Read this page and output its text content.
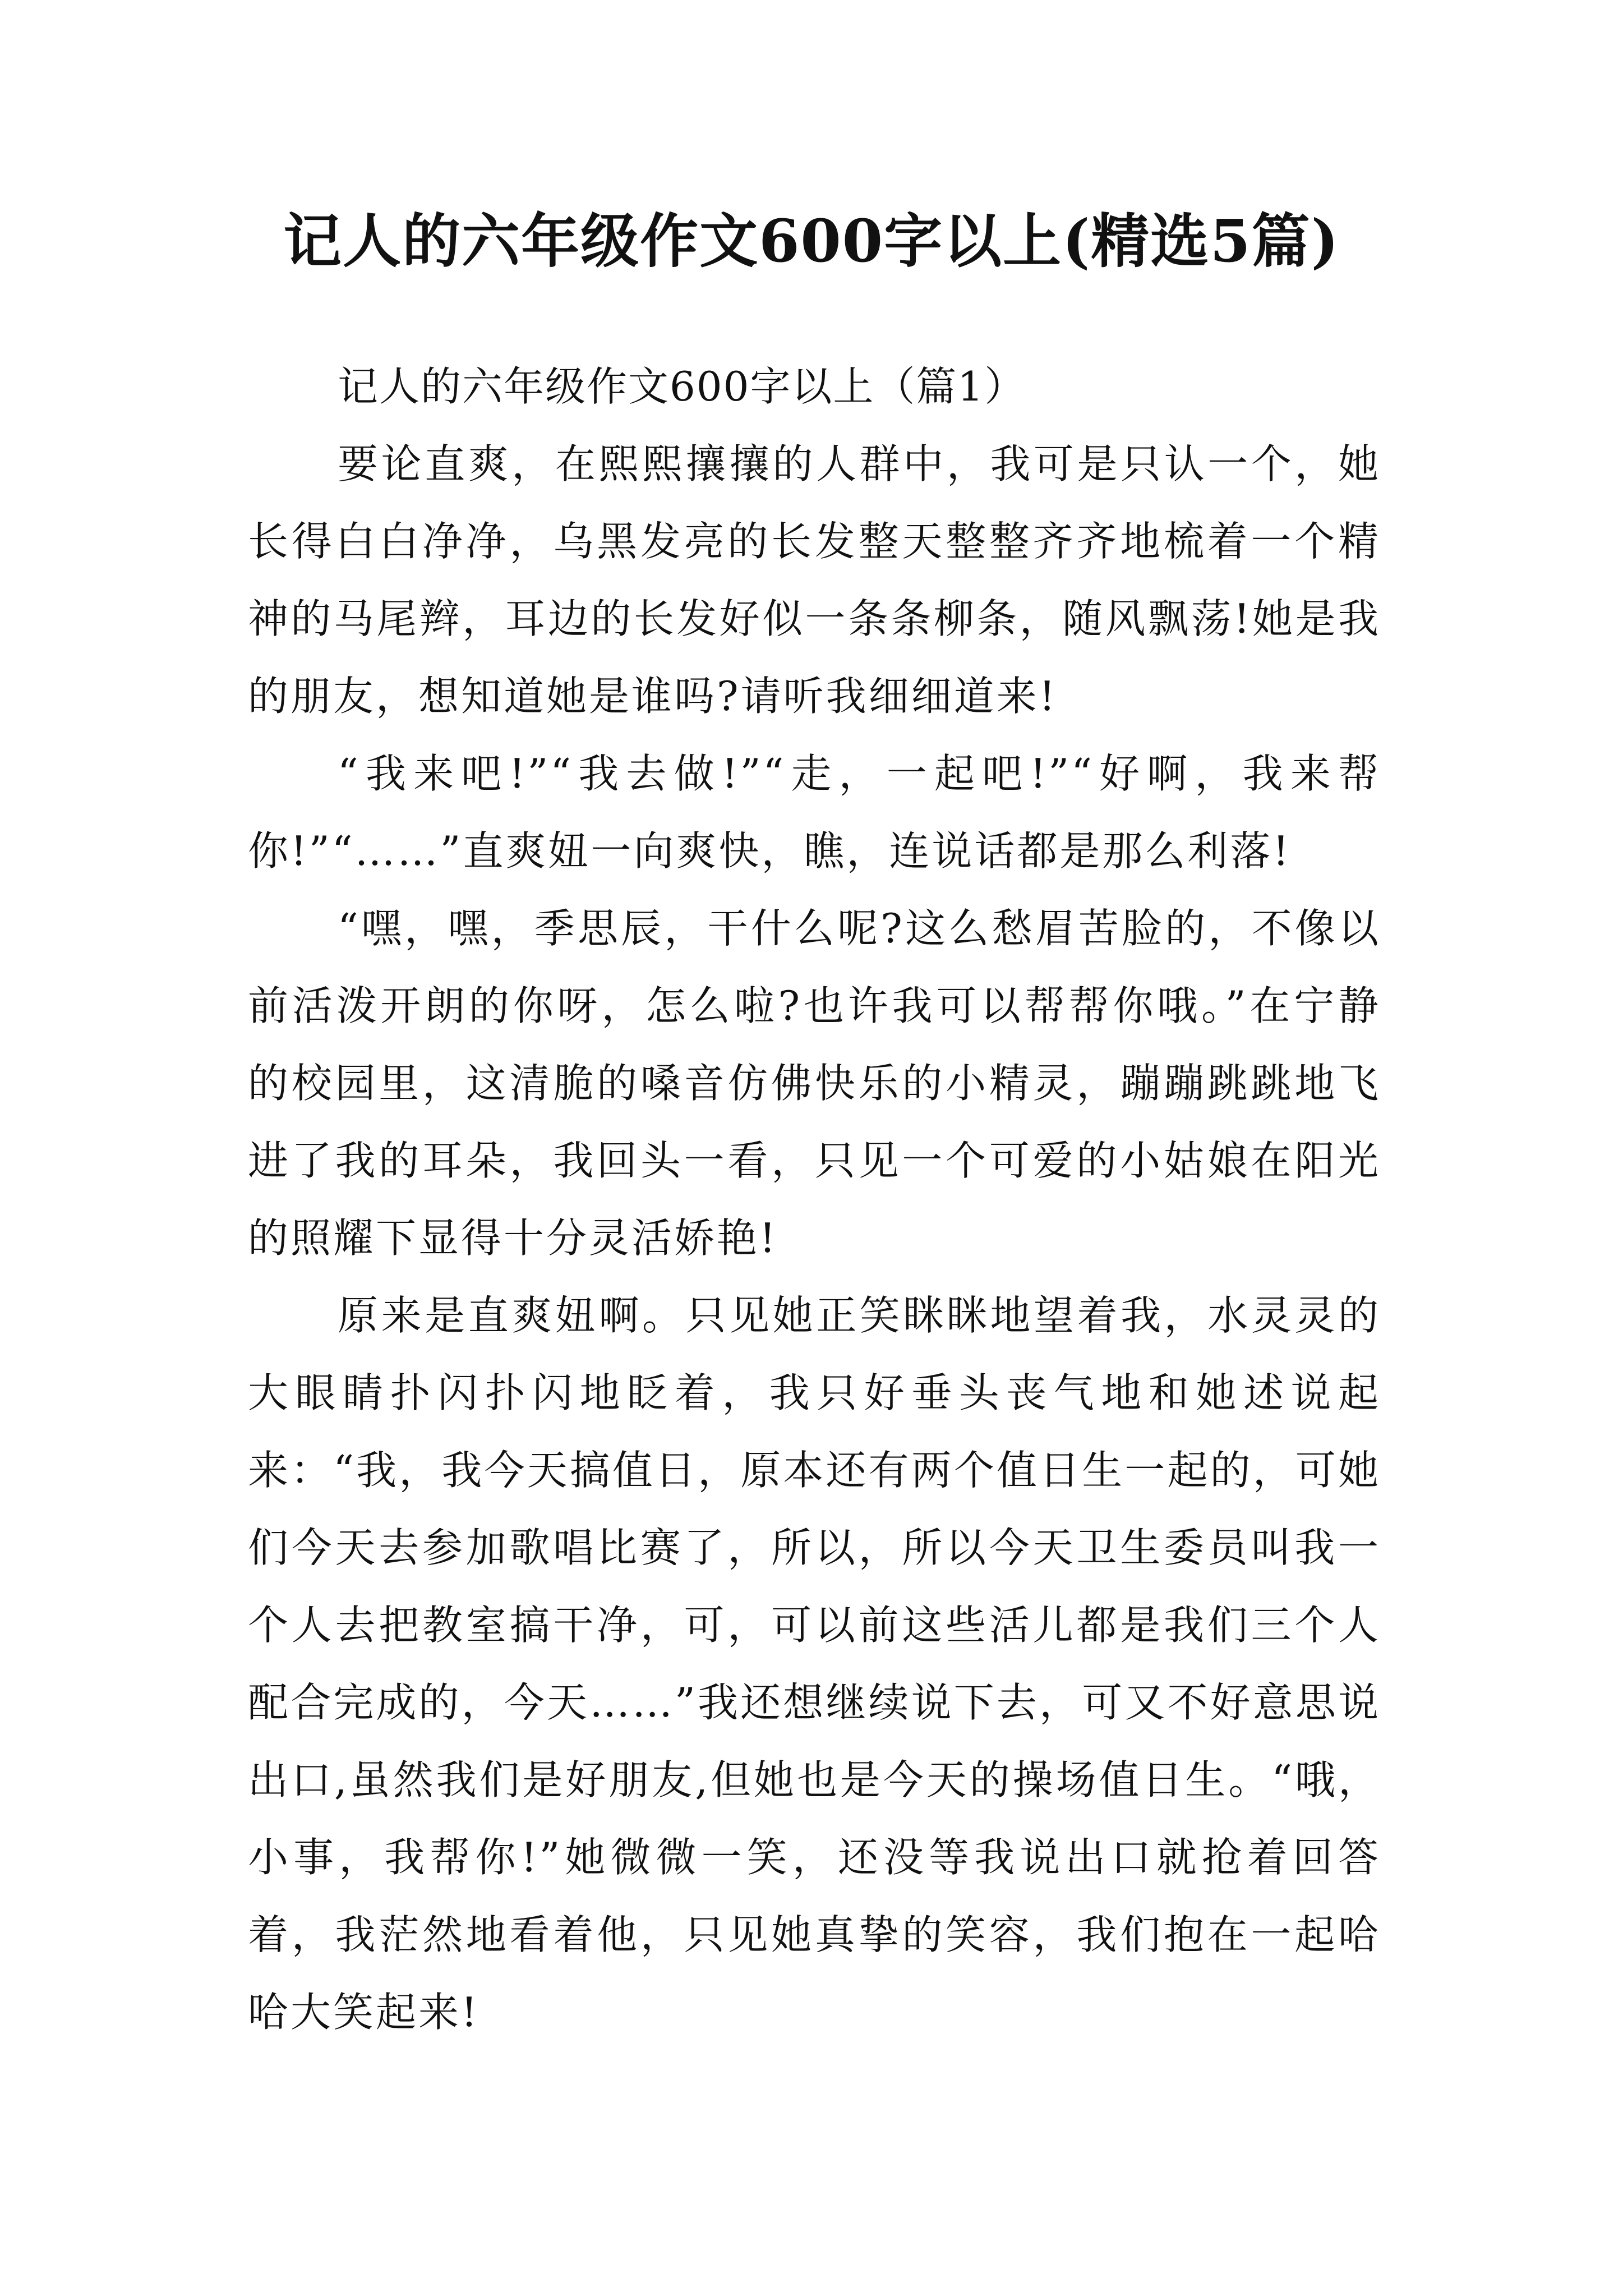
记人的六年级作文600字以上(精选5篇)

记人的六年级作文600字以上（篇1）

要论直爽，在熙熙攘攘的人群中，我可是只认一个，她长得白白净净，乌黑发亮的长发整天整整齐齐地梳着一个精神的马尾辫，耳边的长发好似一条条柳条，随风飘荡!她是我的朋友，想知道她是谁吗?请听我细细道来!

“我来吧!”“我去做!”“走，一起吧!”“好啊，我来帮你!”“……”直爽妞一向爽快，瞧，连说话都是那么利落!

“嘿，嘿，季思辰，干什么呢?这么愁眉苦脸的，不像以前活泼开朗的你呀，怎么啦?也许我可以帮帮你哦。”在宁静的校园里，这清脆的嗓音仿佛快乐的小精灵，蹦蹦跳跳地飞进了我的耳朵，我回头一看，只见一个可爱的小姑娘在阳光的照耀下显得十分灵活娇艳!

原来是直爽妞啊。只见她正笑眯眯地望着我，水灵灵的大眼睛扑闪扑闪地眨着，我只好垂头丧气地和她述说起来：“我，我今天搞值日，原本还有两个值日生一起的，可她们今天去参加歌唱比赛了，所以，所以今天卫生委员叫我一个人去把教室搞干净，可，可以前这些活儿都是我们三个人配合完成的，今天……”我还想继续说下去，可又不好意思说出口,虽然我们是好朋友,但她也是今天的操场值日生。“哦，小事，我帮你!”她微微一笑，还没等我说出口就抢着回答着，我茫然地看着他，只见她真挚的笑容，我们抱在一起哈哈大笑起来!
